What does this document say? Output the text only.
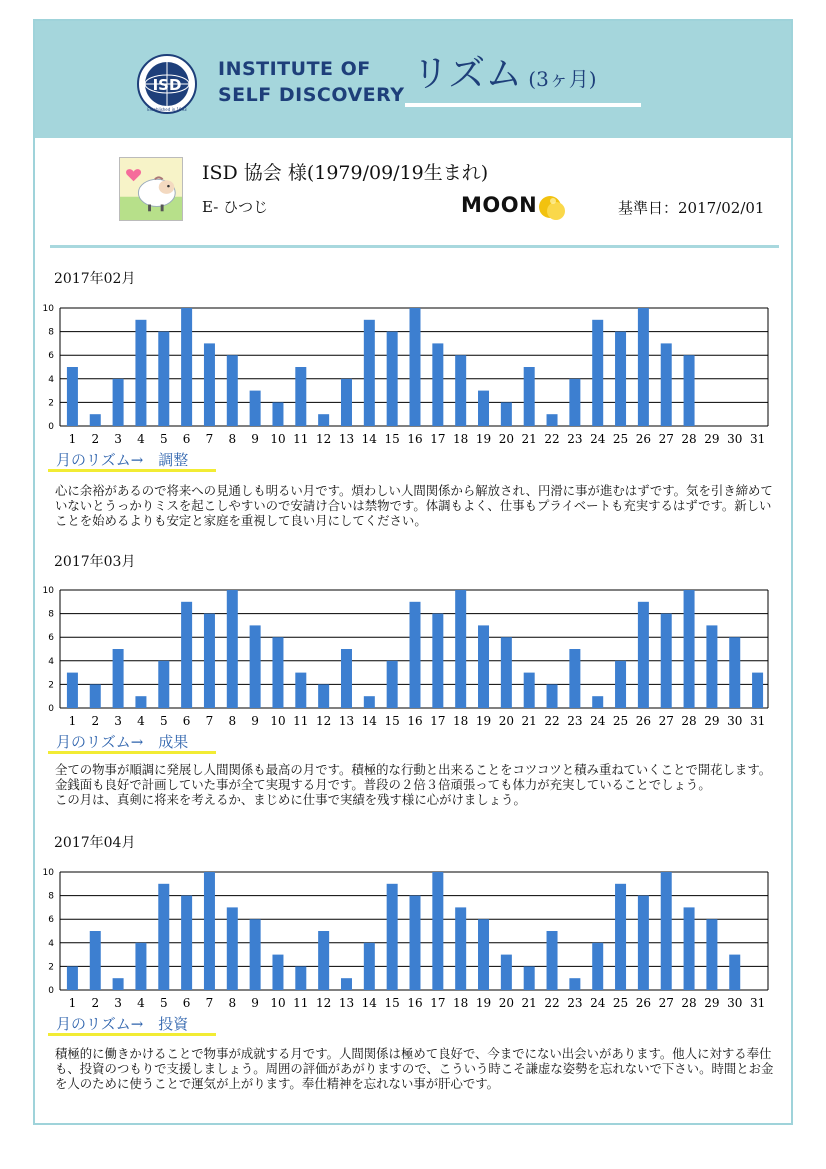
ISD
Established in 1993
INSTITUTE OF
SELF DISCOVERY リズム (3ヶ月)
ISD 協会 様(1979/09/19生まれ)
E- ひつじ	MOON	基準日：2017/02/01
2017年02月
0
2
4
6
8
10
1 2 3 4 5 6 7 8 9 10 11 12 13 14 15 16 17 18 19 20 21 22 23 24 25 26 27 28 29 30 31
月のリズム→　調整
心に余裕があるので将来への見通しも明るい月です。煩わしい人間関係から解放され、円滑に事が進むはずです。気を引き締めていないとうっかりミスを起こしやすいので安請け合いは禁物です。体調もよく、仕事もプライベートも充実するはずです。新しいことを始めるよりも安定と家庭を重視して良い月にしてください。
2017年03月
0
2
4
6
8
10
1 2 3 4 5 6 7 8 9 10 11 12 13 14 15 16 17 18 19 20 21 22 23 24 25 26 27 28 29 30 31
月のリズム→　成果
全ての物事が順調に発展し人間関係も最高の月です。積極的な行動と出来ることをコツコツと積み重ねていくことで開花します。金銭面も良好で計画していた事が全て実現する月です。普段の２倍３倍頑張っても体力が充実していることでしょう。
この月は、真剣に将来を考えるか、まじめに仕事で実績を残す様に心がけましょう。
2017年04月
0
2
4
6
8
10
1 2 3 4 5 6 7 8 9 10 11 12 13 14 15 16 17 18 19 20 21 22 23 24 25 26 27 28 29 30 31
月のリズム→　投資
積極的に働きかけることで物事が成就する月です。人間関係は極めて良好で、今までにない出会いがあります。他人に対する奉仕も、投資のつもりで支援しましょう。周囲の評価があがりますので、こういう時こそ謙虚な姿勢を忘れないで下さい。時間とお金を人のために使うことで運気が上がります。奉仕精神を忘れない事が肝心です。
